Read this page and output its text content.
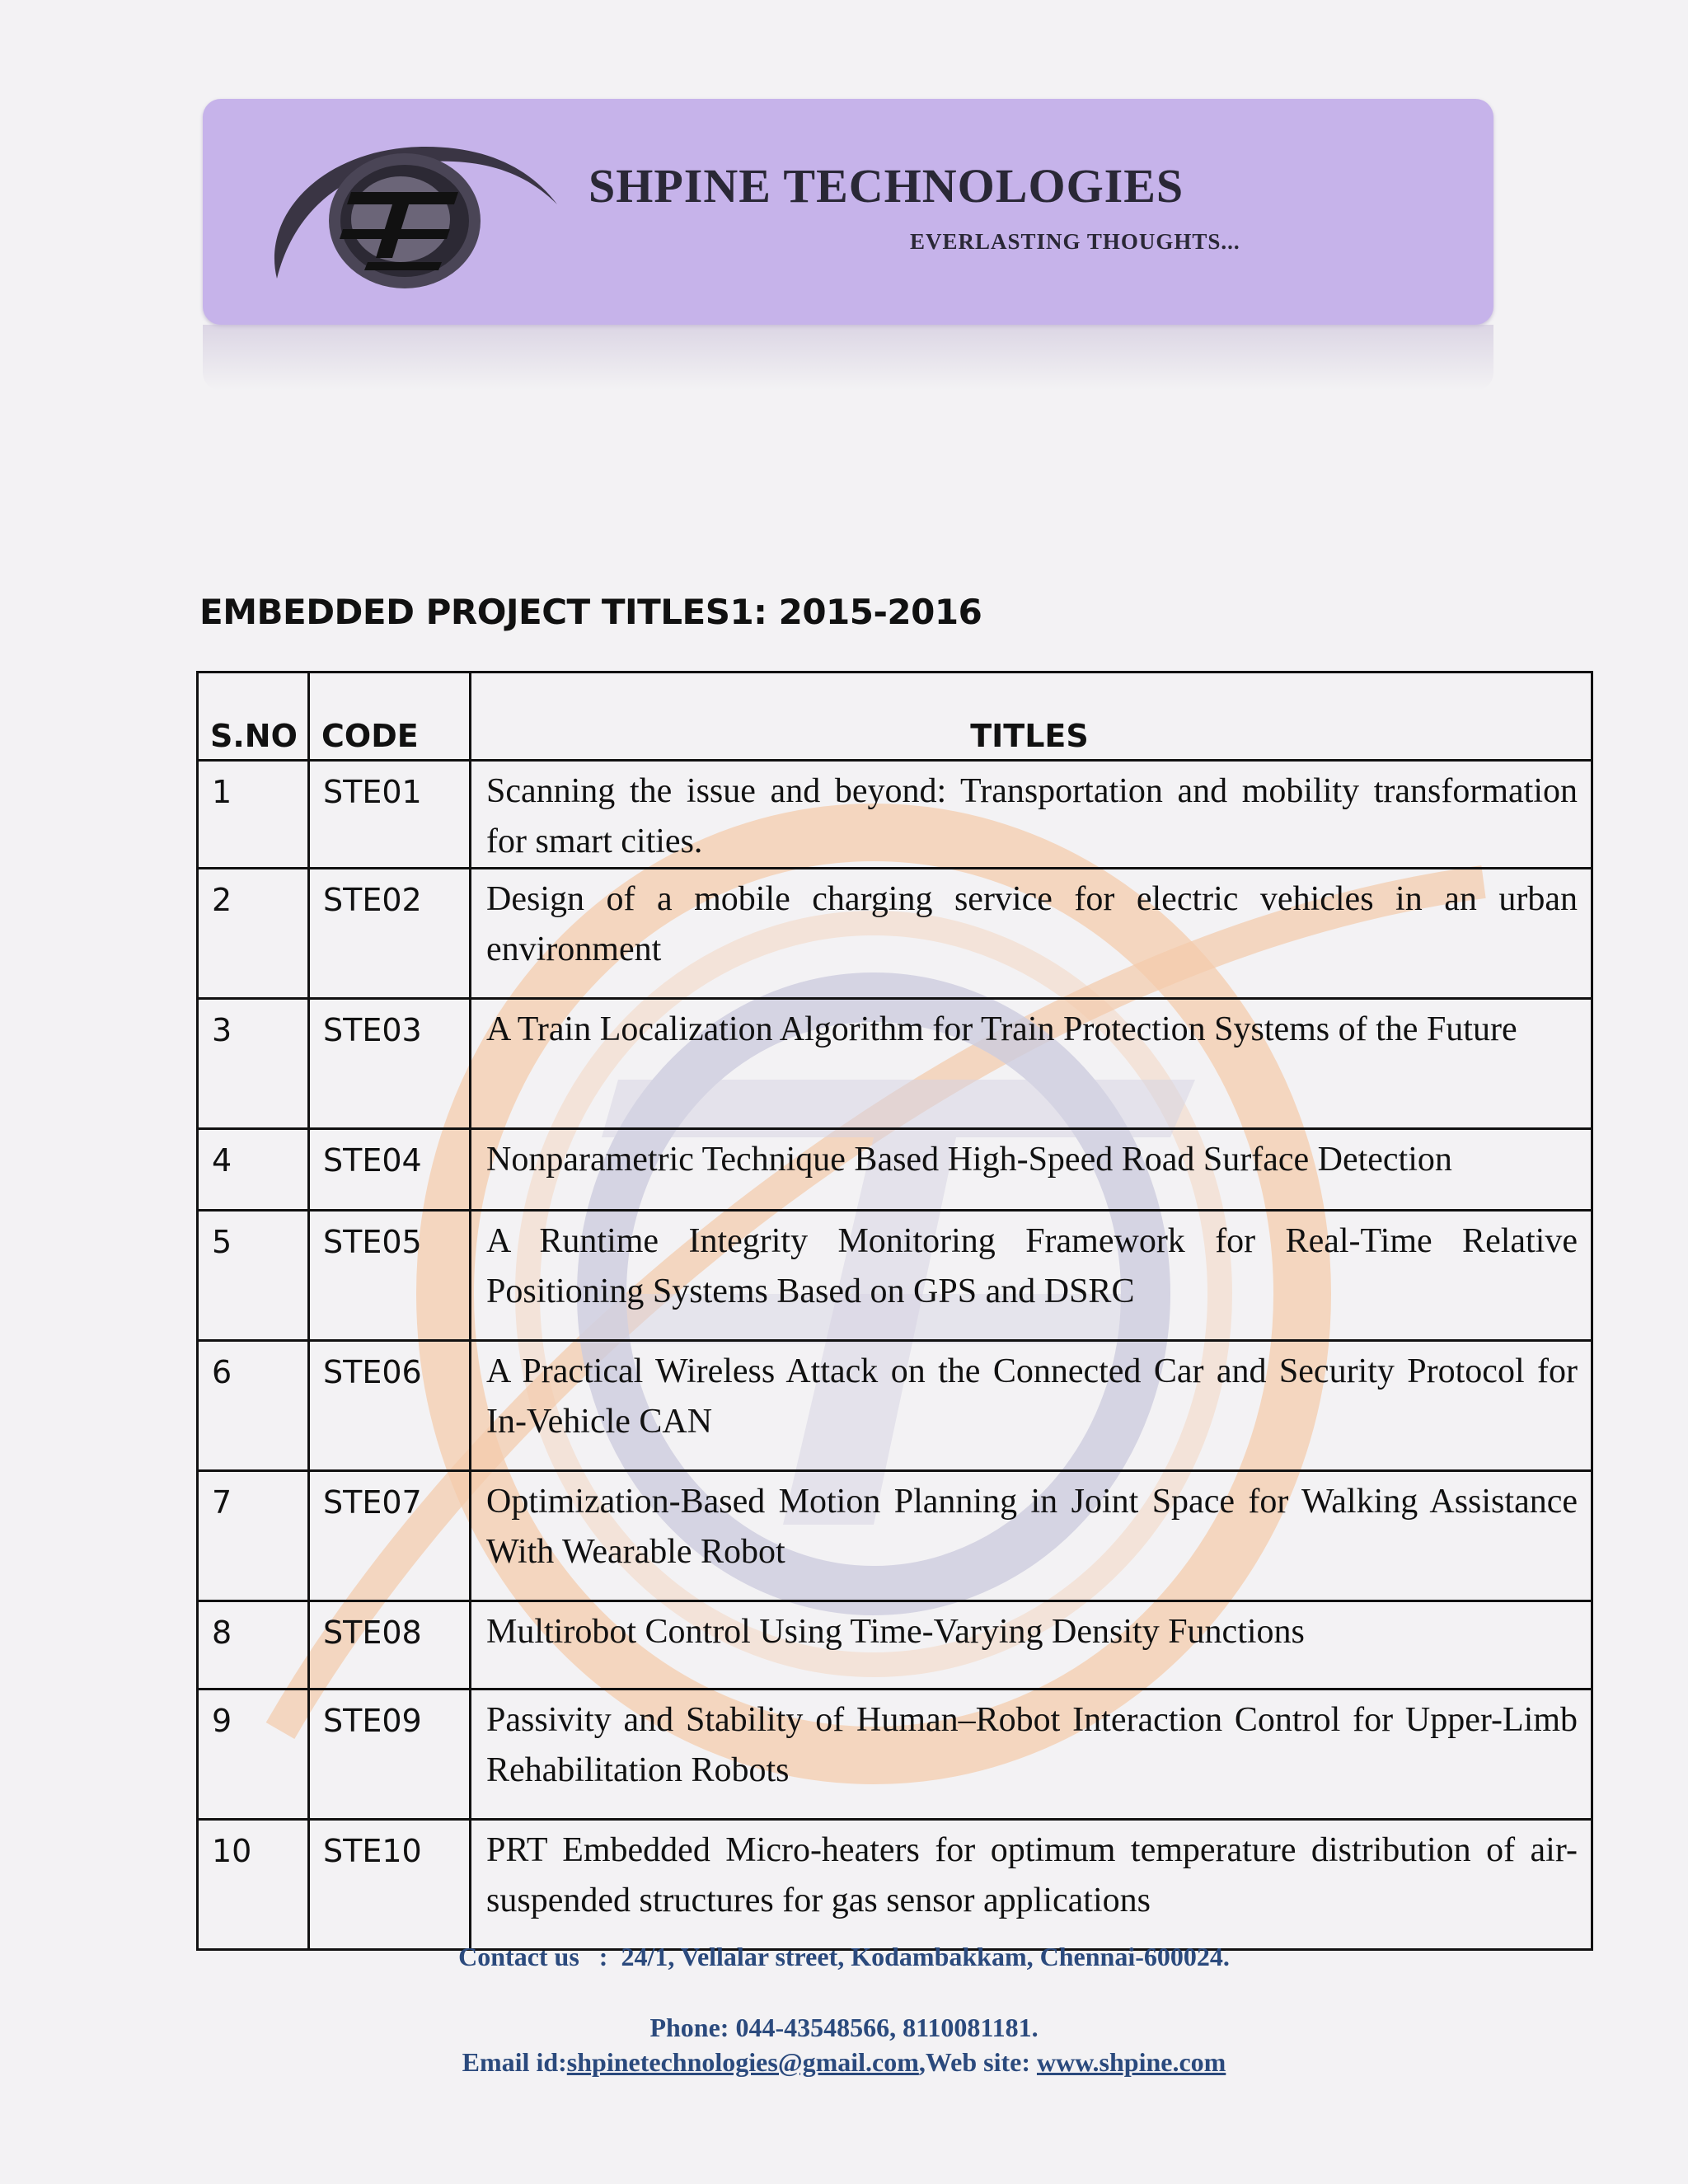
SHPINE TECHNOLOGIES
EVERLASTING THOUGHTS...
EMBEDDED PROJECT TITLES1: 2015-2016
S.NO	CODE	TITLES
1	STE01	Scanning the issue and beyond: Transportation and mobility transformation for smart cities.
2	STE02	Design of a mobile charging service for electric vehicles in an urban environment
3	STE03	A Train Localization Algorithm for Train Protection Systems of the Future
4	STE04	Nonparametric Technique Based High-Speed Road Surface Detection
5	STE05	A Runtime Integrity Monitoring Framework for Real-Time Relative Positioning Systems Based on GPS and DSRC
6	STE06	A Practical Wireless Attack on the Connected Car and Security Protocol for In-Vehicle CAN
7	STE07	Optimization-Based Motion Planning in Joint Space for Walking Assistance With Wearable Robot
8	STE08	Multirobot Control Using Time-Varying Density Functions
9	STE09	Passivity and Stability of Human–Robot Interaction Control for Upper-Limb Rehabilitation Robots
10	STE10	PRT Embedded Micro-heaters for optimum temperature distribution of air-suspended structures for gas sensor applications
Contact us : 24/1, Vellalar street, Kodambakkam, Chennai-600024.
Phone: 044-43548566, 8110081181.
Email id:shpinetechnologies@gmail.com,Web site: www.shpine.com
